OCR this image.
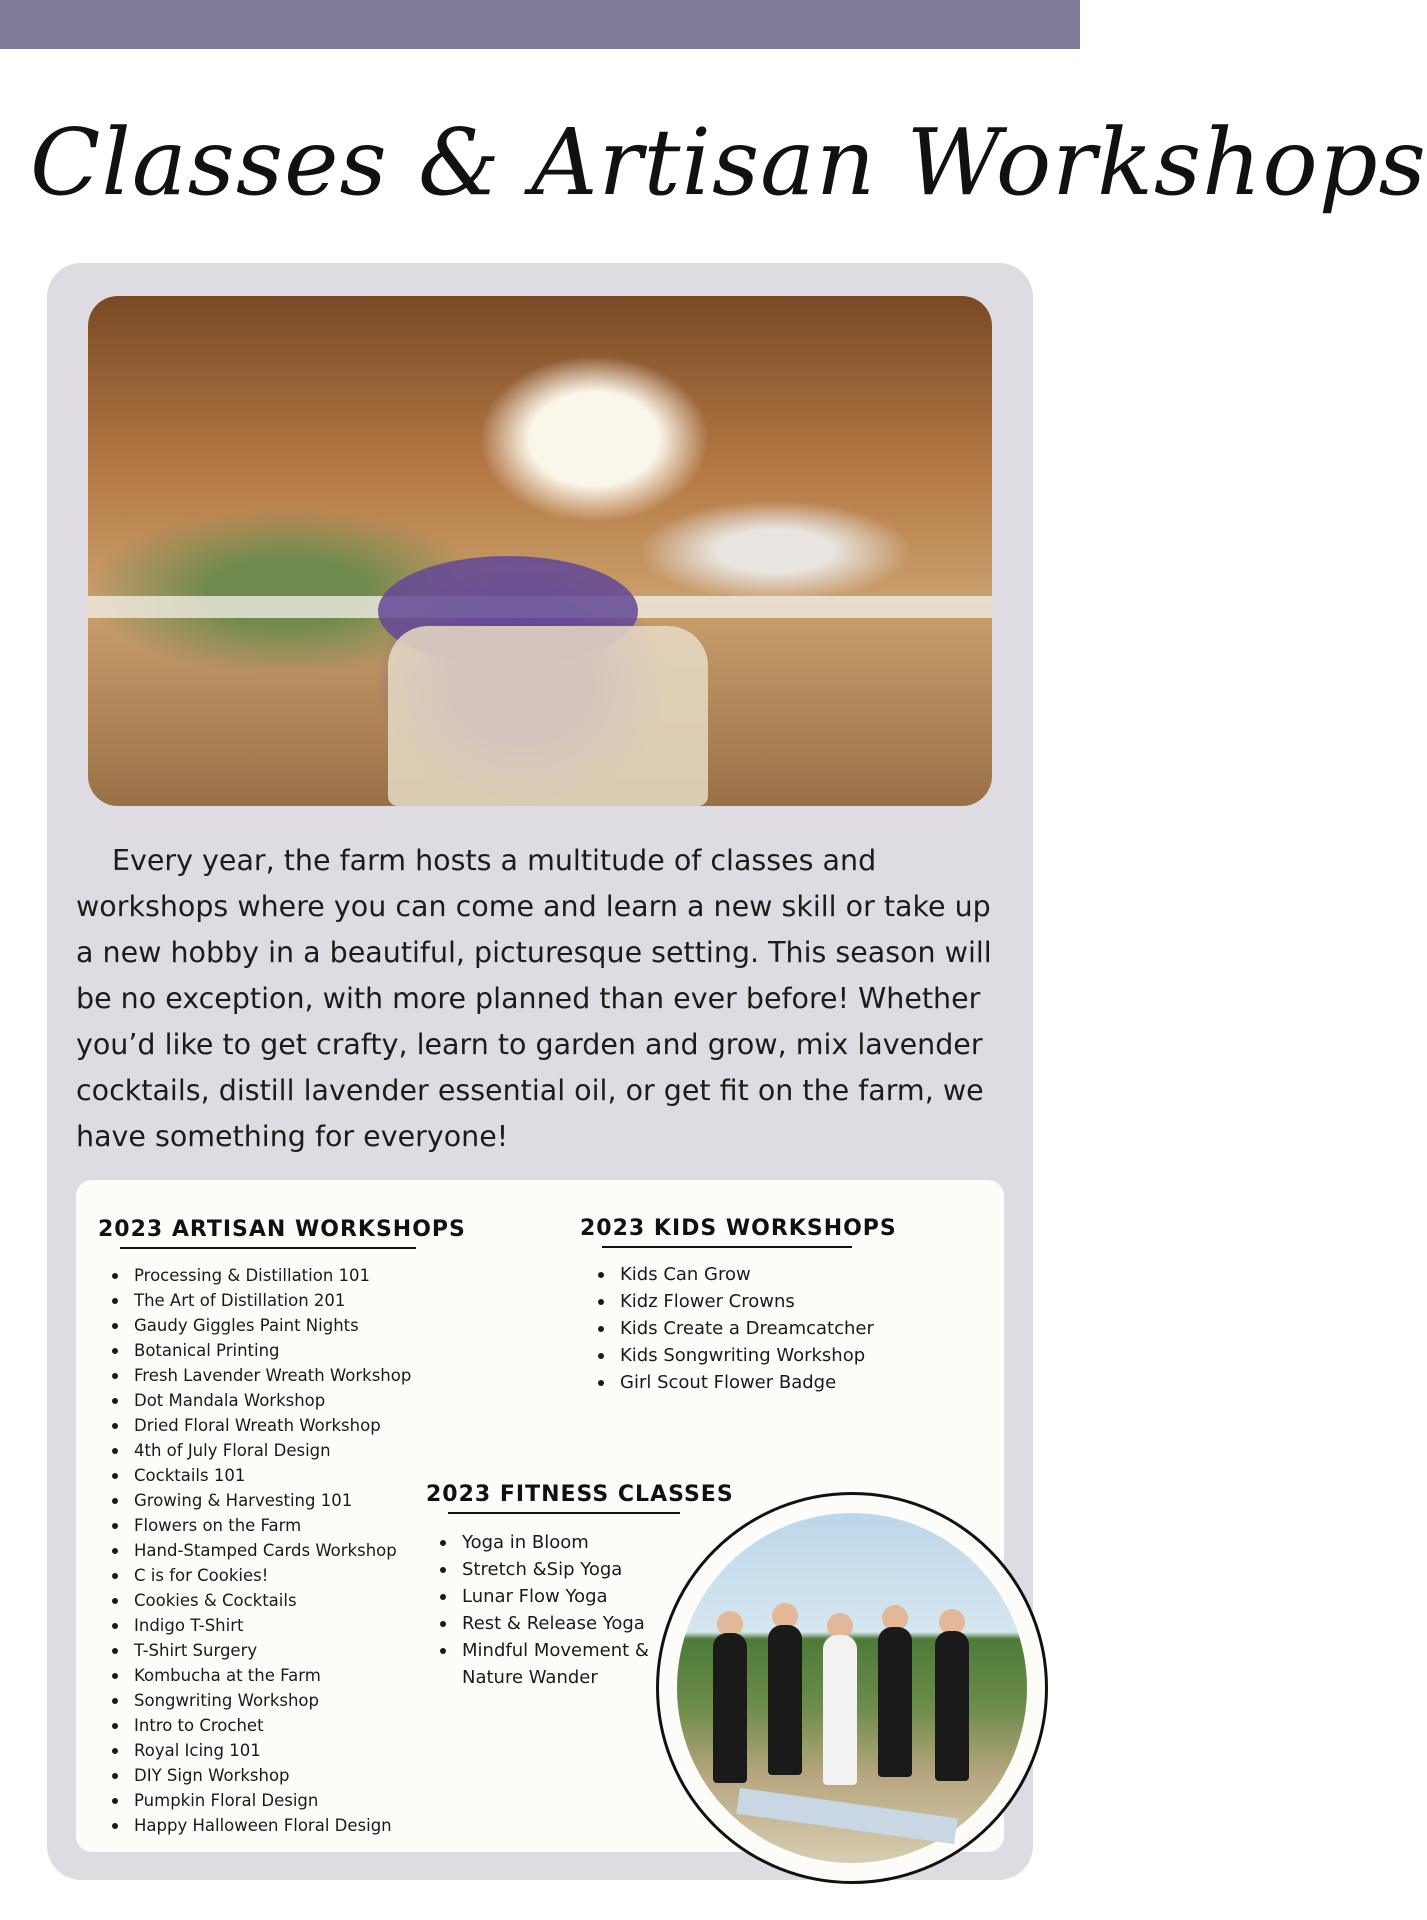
Classes & Artisan Workshops

Every year, the farm hosts a multitude of classes and workshops where you can come and learn a new skill or take up a new hobby in a beautiful, picturesque setting. This season will be no exception, with more planned than ever before! Whether you’d like to get crafty, learn to garden and grow, mix lavender cocktails, distill lavender essential oil, or get fit on the farm, we have something for everyone!

2023 ARTISAN WORKSHOPS
Processing & Distillation 101
The Art of Distillation 201
Gaudy Giggles Paint Nights
Botanical Printing
Fresh Lavender Wreath Workshop
Dot Mandala Workshop
Dried Floral Wreath Workshop
4th of July Floral Design
Cocktails 101
Growing & Harvesting 101
Flowers on the Farm
Hand-Stamped Cards Workshop
C is for Cookies!
Cookies & Cocktails
Indigo T-Shirt
T-Shirt Surgery
Kombucha at the Farm
Songwriting Workshop
Intro to Crochet
Royal Icing 101
DIY Sign Workshop
Pumpkin Floral Design
Happy Halloween Floral Design
2023 KIDS WORKSHOPS
Kids Can Grow
Kidz Flower Crowns
Kids Create a Dreamcatcher
Kids Songwriting Workshop
Girl Scout Flower Badge
2023 FITNESS CLASSES
Yoga in Bloom
Stretch &Sip Yoga
Lunar Flow Yoga
Rest & Release Yoga
Mindful Movement &
Nature Wander
